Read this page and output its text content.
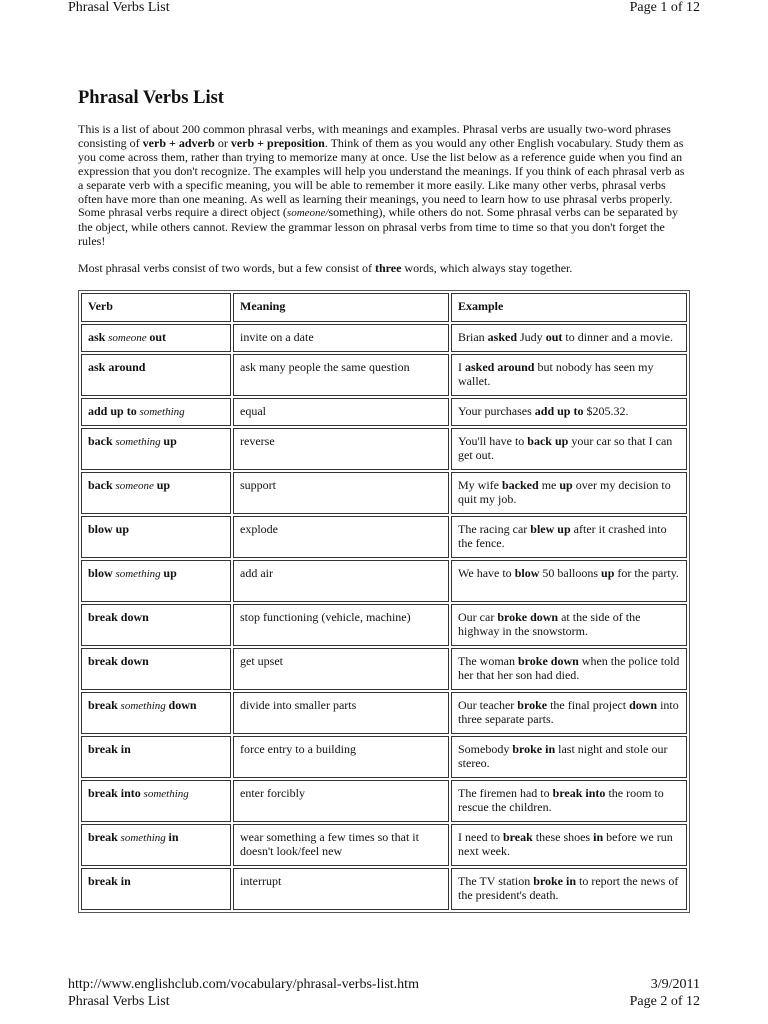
Phrasal Verbs List	Page 1 of 12
Phrasal Verbs List

This is a list of about 200 common phrasal verbs, with meanings and examples. Phrasal verbs are usually two-word phrases consisting of verb + adverb or verb + preposition. Think of them as you would any other English vocabulary. Study them as you come across them, rather than trying to memorize many at once. Use the list below as a reference guide when you find an expression that you don't recognize. The examples will help you understand the meanings. If you think of each phrasal verb as a separate verb with a specific meaning, you will be able to remember it more easily. Like many other verbs, phrasal verbs often have more than one meaning. As well as learning their meanings, you need to learn how to use phrasal verbs properly. Some phrasal verbs require a direct object (someone/something), while others do not. Some phrasal verbs can be separated by the object, while others cannot. Review the grammar lesson on phrasal verbs from time to time so that you don't forget the rules!

Most phrasal verbs consist of two words, but a few consist of three words, which always stay together.

Verb	Meaning	Example
ask someone out	invite on a date	Brian asked Judy out to dinner and a movie.
ask around	ask many people the same question	I asked around but nobody has seen my wallet.
add up to something	equal	Your purchases add up to $205.32.
back something up	reverse	You'll have to back up your car so that I can get out.
back someone up	support	My wife backed me up over my decision to quit my job.
blow up	explode	The racing car blew up after it crashed into the fence.
blow something up	add air	We have to blow 50 balloons up for the party.
break down	stop functioning (vehicle, machine)	Our car broke down at the side of the highway in the snowstorm.
break down	get upset	The woman broke down when the police told her that her son had died.
break something down	divide into smaller parts	Our teacher broke the final project down into three separate parts.
break in	force entry to a building	Somebody broke in last night and stole our stereo.
break into something	enter forcibly	The firemen had to break into the room to rescue the children.
break something in	wear something a few times so that it doesn't look/feel new	I need to break these shoes in before we run next week.
break in	interrupt	The TV station broke in to report the news of the president's death.
http://www.englishclub.com/vocabulary/phrasal-verbs-list.htm	3/9/2011
Phrasal Verbs List	Page 2 of 12
